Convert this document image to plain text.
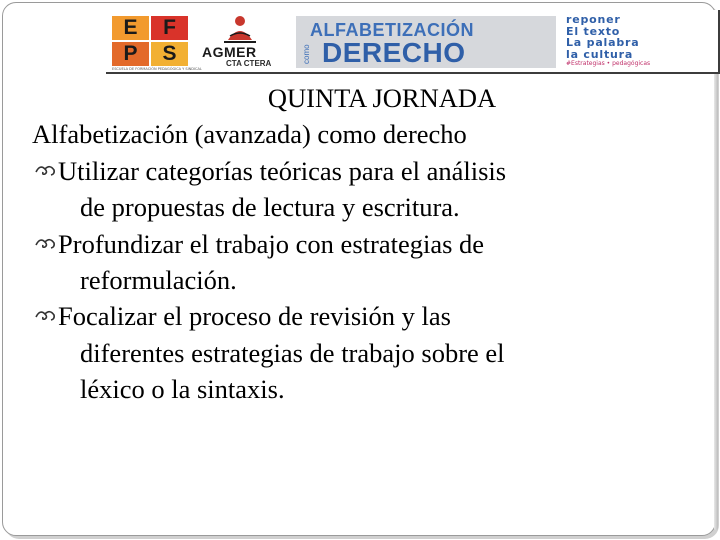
E	F
P	S
ESCUELA DE FORMACIÓN PEDAGÓGICA Y SINDICAL
AGMER
CTA CTERA
ALFABETIZACIÓN
como DERECHO
reponer
El texto
La palabra
la cultura
#Estrategias • pedagógicas
QUINTA JORNADA
Alfabetización (avanzada) como derecho
Utilizar categorías teóricas para el análisis
de propuestas de lectura y escritura.
Profundizar el trabajo con estrategias de
reformulación.
Focalizar el proceso de revisión y las
diferentes estrategias de trabajo sobre el
léxico o la sintaxis.
